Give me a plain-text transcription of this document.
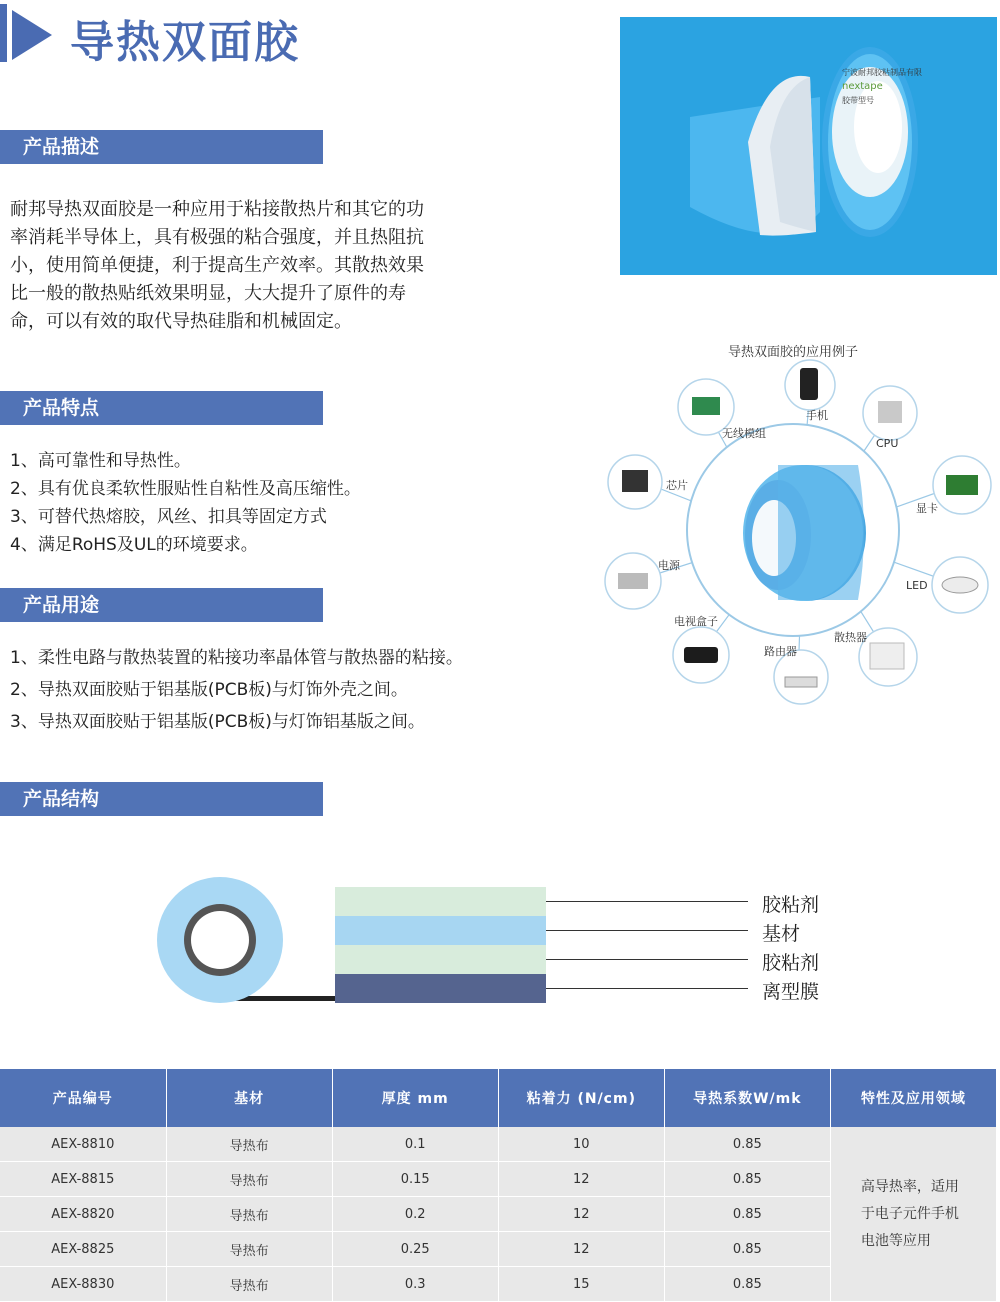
导热双面胶
宁波耐邦胶粘制品有限
nextape
胶带型号
产品描述
耐邦导热双面胶是一种应用于粘接散热片和其它的功率消耗半导体上，具有极强的粘合强度，并且热阻抗小，使用简单便捷，利于提高生产效率。其散热效果比一般的散热贴纸效果明显，大大提升了原件的寿命，可以有效的取代导热硅脂和机械固定。
产品特点
1、高可靠性和导热性。
2、具有优良柔软性服贴性自粘性及高压缩性。
3、可替代热熔胶，风丝、扣具等固定方式
4、满足RoHS及UL的环境要求。
产品用途
1、柔性电路与散热装置的粘接功率晶体管与散热器的粘接。
2、导热双面胶贴于铝基版(PCB板)与灯饰外壳之间。
3、导热双面胶贴于铝基版(PCB板)与灯饰铝基版之间。
导热双面胶的应用例子
手机
无线模组
CPU
芯片
显卡
电源
LED
电视盒子
散热器
路由器
产品结构
胶粘剂
基材
胶粘剂
离型膜
产品编号	基材	厚度 mm	粘着力 (N/cm)	导热系数W/mk	特性及应用领域
AEX-8810	导热布	0.1	10	0.85	高导热率，适用
于电子元件手机
电池等应用

AEX-8815	导热布	0.15	12	0.85	
AEX-8820	导热布	0.2	12	0.85	
AEX-8825	导热布	0.25	12	0.85	
AEX-8830	导热布	0.3	15	0.85	
